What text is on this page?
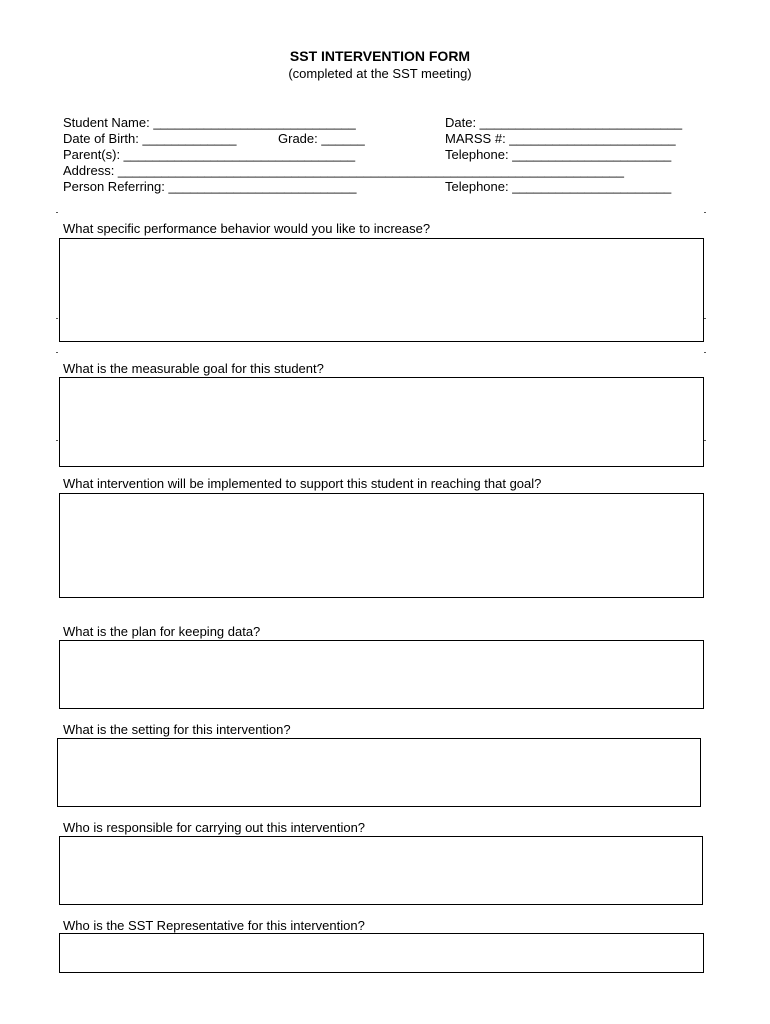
SST INTERVENTION FORM
(completed at the SST meeting)
Student Name: ____________________________	Date: ____________________________
Date of Birth: _____________	Grade: ______	MARSS #: _______________________
Parent(s): ________________________________	Telephone: ______________________
Address: ______________________________________________________________________
Person Referring: __________________________	Telephone: ______________________
What specific performance behavior would you like to increase?
What is the measurable goal for this student?
What intervention will be implemented to support this student in reaching that goal?
What is the plan for keeping data?
What is the setting for this intervention?
Who is responsible for carrying out this intervention?
Who is the SST Representative for this intervention?
